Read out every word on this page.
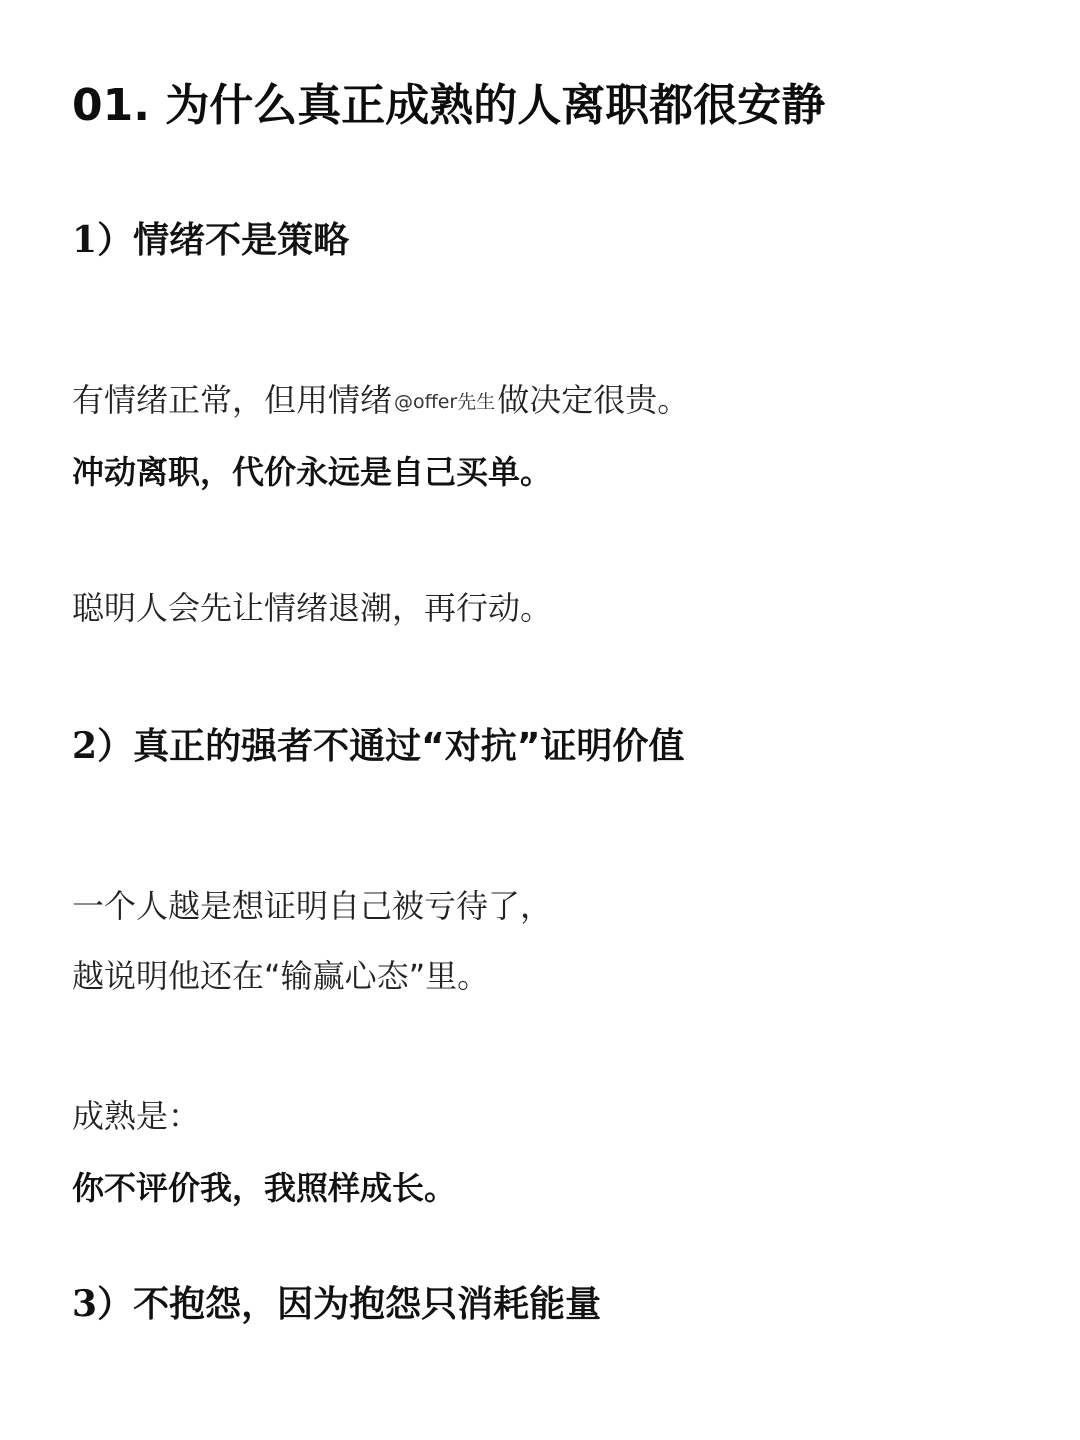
01. 为什么真正成熟的人离职都很安静
1）情绪不是策略
有情绪正常，但用情绪 @offer先生做决定很贵。
冲动离职，代价永远是自己买单。
聪明人会先让情绪退潮，再行动。
2）真正的强者不通过“对抗”证明价值
一个人越是想证明自己被亏待了，
越说明他还在“输赢心态”里。
成熟是：
你不评价我，我照样成长。
3）不抱怨，因为抱怨只消耗能量
